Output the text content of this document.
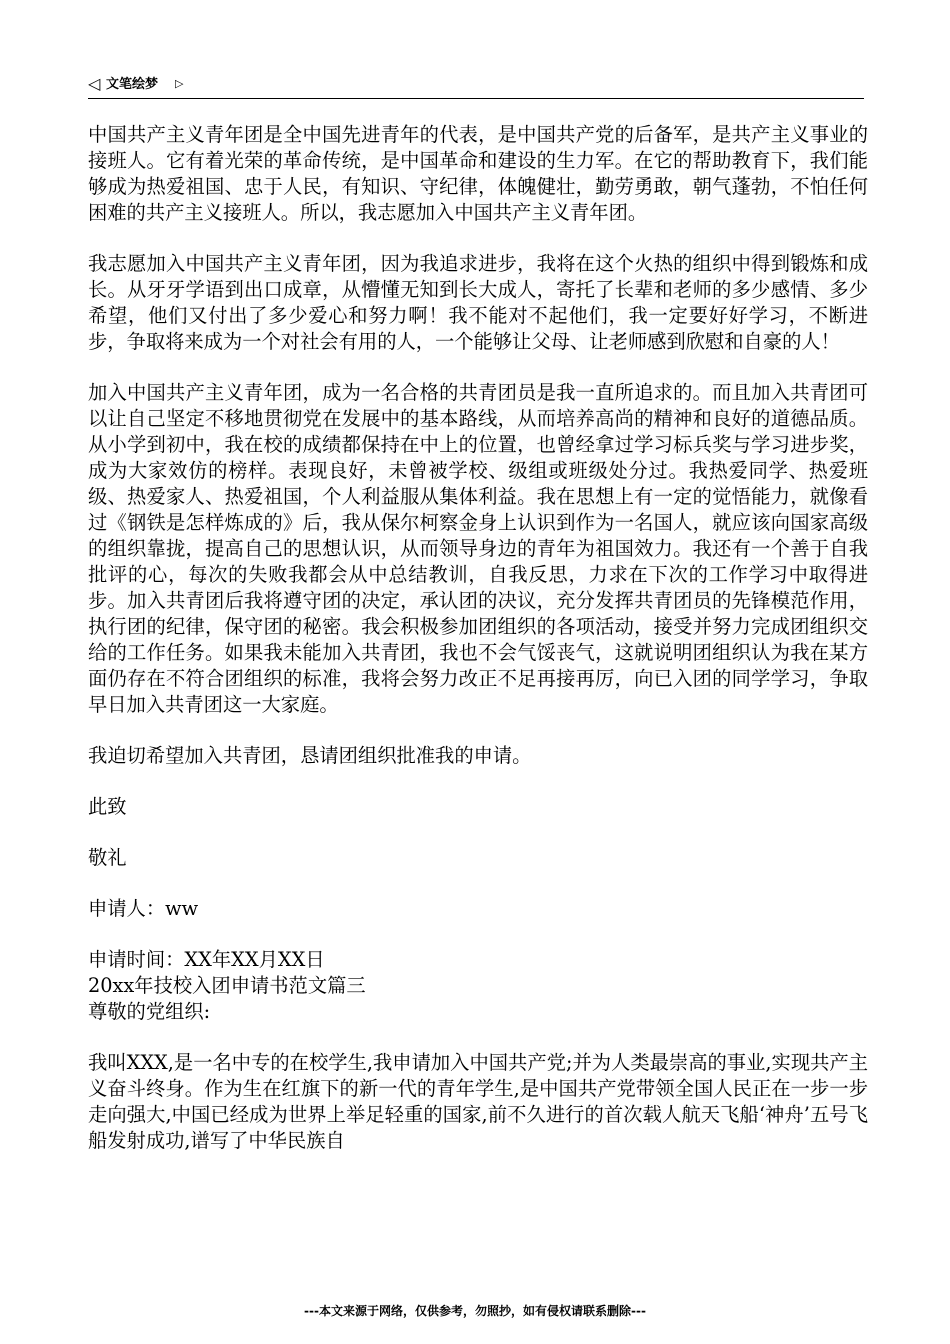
◁ 文笔绘梦 ▷

中国共产主义青年团是全中国先进青年的代表，是中国共产党的后备军，是共产主义事业的接班人。它有着光荣的革命传统，是中国革命和建设的生力军。在它的帮助教育下，我们能够成为热爱祖国、忠于人民，有知识、守纪律，体魄健壮，勤劳勇敢，朝气蓬勃，不怕任何困难的共产主义接班人。所以，我志愿加入中国共产主义青年团。

我志愿加入中国共产主义青年团，因为我追求进步，我将在这个火热的组织中得到锻炼和成长。从牙牙学语到出口成章，从懵懂无知到长大成人，寄托了长辈和老师的多少感情、多少希望，他们又付出了多少爱心和努力啊！我不能对不起他们，我一定要好好学习，不断进步，争取将来成为一个对社会有用的人，一个能够让父母、让老师感到欣慰和自豪的人！

加入中国共产主义青年团，成为一名合格的共青团员是我一直所追求的。而且加入共青团可以让自己坚定不移地贯彻党在发展中的基本路线，从而培养高尚的精神和良好的道德品质。从小学到初中，我在校的成绩都保持在中上的位置，也曾经拿过学习标兵奖与学习进步奖，成为大家效仿的榜样。表现良好，未曾被学校、级组或班级处分过。我热爱同学、热爱班级、热爱家人、热爱祖国，个人利益服从集体利益。我在思想上有一定的觉悟能力，就像看过《钢铁是怎样炼成的》后，我从保尔柯察金身上认识到作为一名国人，就应该向国家高级的组织靠拢，提高自己的思想认识，从而领导身边的青年为祖国效力。我还有一个善于自我批评的心，每次的失败我都会从中总结教训，自我反思，力求在下次的工作学习中取得进步。加入共青团后我将遵守团的决定，承认团的决议，充分发挥共青团员的先锋模范作用，执行团的纪律，保守团的秘密。我会积极参加团组织的各项活动，接受并努力完成团组织交给的工作任务。如果我未能加入共青团，我也不会气馁丧气，这就说明团组织认为我在某方面仍存在不符合团组织的标准，我将会努力改正不足再接再厉，向已入团的同学学习，争取早日加入共青团这一大家庭。

我迫切希望加入共青团，恳请团组织批准我的申请。

此致

敬礼

申请人：ww

申请时间：XX年XX月XX日

20xx年技校入团申请书范文篇三

尊敬的党组织:

我叫XXX,是一名中专的在校学生,我申请加入中国共产党;并为人类最崇高的事业,实现共产主义奋斗终身。作为生在红旗下的新一代的青年学生,是中国共产党带领全国人民正在一步一步走向强大,中国已经成为世界上举足轻重的国家,前不久进行的首次载人航天飞船‘神舟’五号飞船发射成功,谱写了中华民族自

---本文来源于网络，仅供参考，勿照抄，如有侵权请联系删除---
